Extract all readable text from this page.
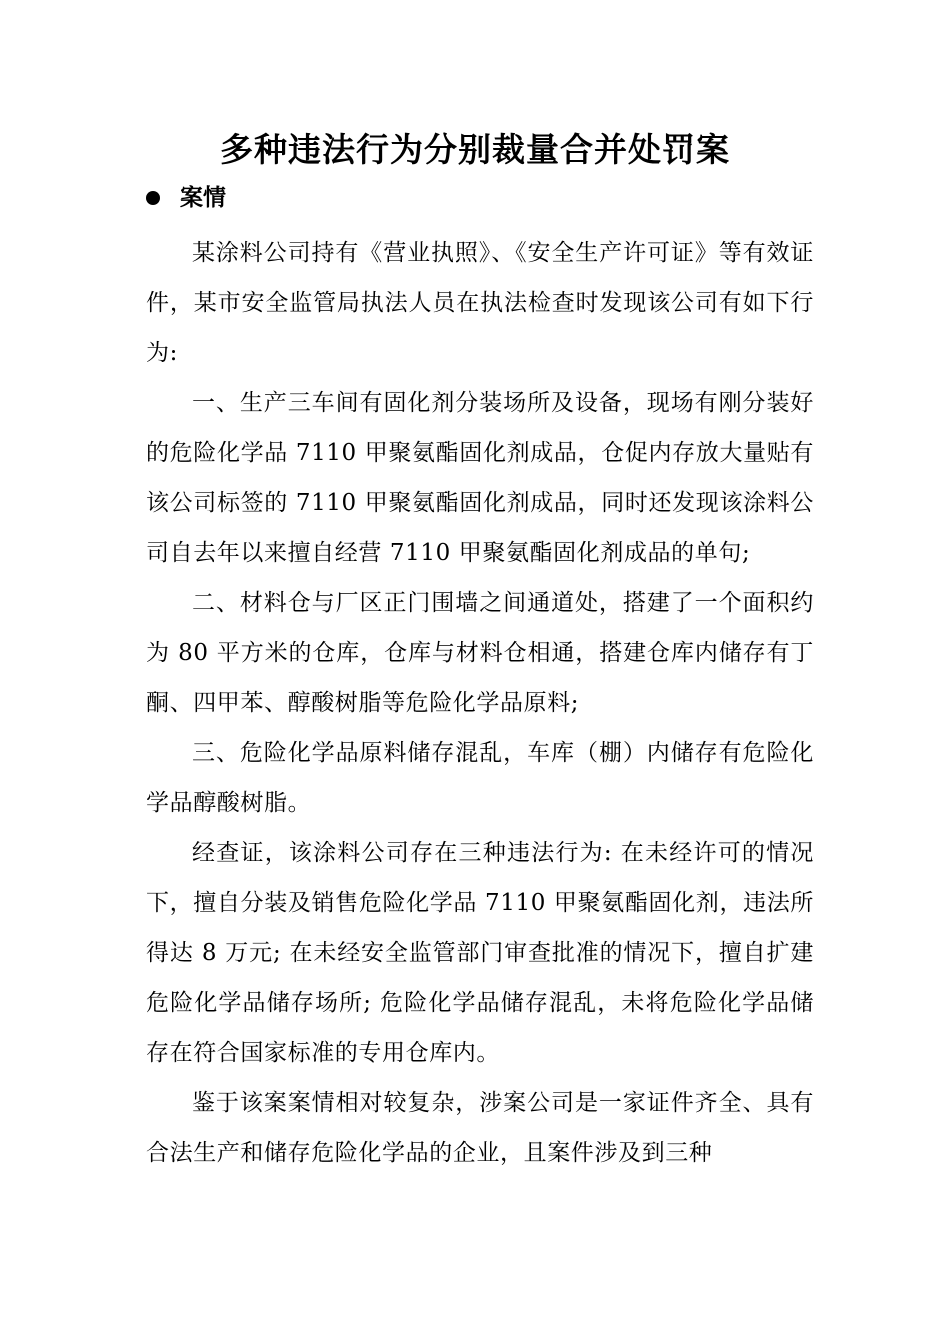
多种违法行为分别裁量合并处罚案
案情

某涂料公司持有《营业执照》、《安全生产许可证》等有效证件，某市安全监管局执法人员在执法检查时发现该公司有如下行为:

一、生产三车间有固化剂分装场所及设备，现场有刚分装好的危险化学品 7110 甲聚氨酯固化剂成品，仓促内存放大量贴有该公司标签的 7110 甲聚氨酯固化剂成品，同时还发现该涂料公司自去年以来擅自经营 7110 甲聚氨酯固化剂成品的单句;

二、材料仓与厂区正门围墙之间通道处，搭建了一个面积约为 80 平方米的仓库，仓库与材料仓相通，搭建仓库内储存有丁酮、四甲苯、醇酸树脂等危险化学品原料;

三、危险化学品原料储存混乱，车库（棚）内储存有危险化学品醇酸树脂。

经查证，该涂料公司存在三种违法行为: 在未经许可的情况下，擅自分装及销售危险化学品 7110 甲聚氨酯固化剂，违法所得达 8 万元; 在未经安全监管部门审查批准的情况下，擅自扩建危险化学品储存场所; 危险化学品储存混乱，未将危险化学品储存在符合国家标准的专用仓库内。

鉴于该案案情相对较复杂，涉案公司是一家证件齐全、具有合法生产和储存危险化学品的企业，且案件涉及到三种
